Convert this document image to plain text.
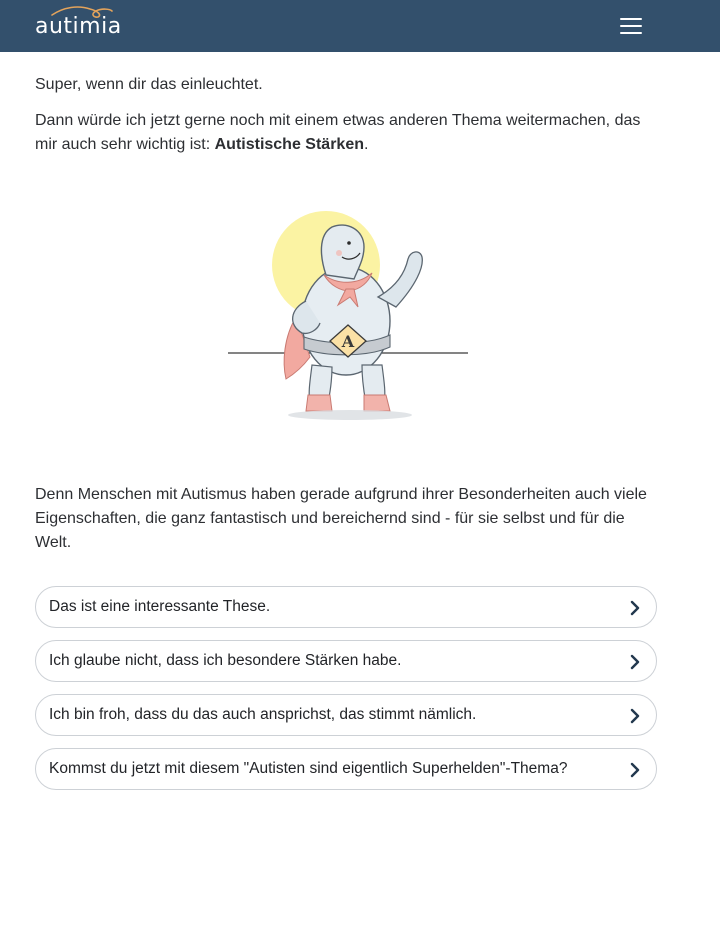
autimia

Super, wenn dir das einleuchtet.

Dann würde ich jetzt gerne noch mit einem etwas anderen Thema weitermachen, das mir auch sehr wichtig ist: Autistische Stärken.

A

Denn Menschen mit Autismus haben gerade aufgrund ihrer Besonderheiten auch viele Eigenschaften, die ganz fantastisch und bereichernd sind - für sie selbst und für die Welt.

Das ist eine interessante These.
Ich glaube nicht, dass ich besondere Stärken habe.
Ich bin froh, dass du das auch ansprichst, das stimmt nämlich.
Kommst du jetzt mit diesem "Autisten sind eigentlich Superhelden"-Thema?
